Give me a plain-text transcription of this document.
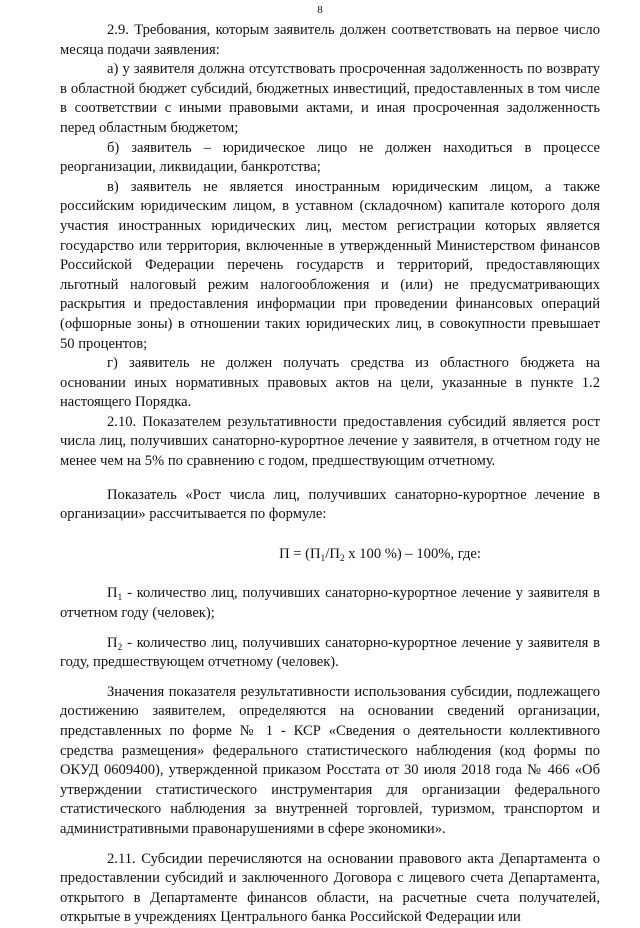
8

2.9. Требования, которым заявитель должен соответствовать на первое число месяца подачи заявления:

а) у заявителя должна отсутствовать просроченная задолженность по возврату в областной бюджет субсидий, бюджетных инвестиций, предоставленных в том числе в соответствии с иными правовыми актами, и иная просроченная задолженность перед областным бюджетом;

б) заявитель – юридическое лицо не должен находиться в процессе реорганизации, ликвидации, банкротства;

в) заявитель не является иностранным юридическим лицом, а также российским юридическим лицом, в уставном (складочном) капитале которого доля участия иностранных юридических лиц, местом регистрации которых является государство или территория, включенные в утвержденный Министерством финансов Российской Федерации перечень государств и территорий, предоставляющих льготный налоговый режим налогообложения и (или) не предусматривающих раскрытия и предоставления информации при проведении финансовых операций (офшорные зоны) в отношении таких юридических лиц, в совокупности превышает 50 процентов;

г) заявитель не должен получать средства из областного бюджета на основании иных нормативных правовых актов на цели, указанные в пункте 1.2 настоящего Порядка.

2.10. Показателем результативности предоставления субсидий является рост числа лиц, получивших санаторно-курортное лечение у заявителя, в отчетном году не менее чем на 5% по сравнению с годом, предшествующим отчетному.

Показатель «Рост числа лиц, получивших санаторно-курортное лечение в организации» рассчитывается по формуле:

$П = (П_1/П_2$ х 100 %) – 100%, где:

$П_1$ - количество лиц, получивших санаторно-курортное лечение у заявителя в отчетном году (человек);

$П_2$ - количество лиц, получивших санаторно-курортное лечение у заявителя в году, предшествующем отчетному (человек).

Значения показателя результативности использования субсидии, подлежащего достижению заявителем, определяются на основании сведений организации, представленных по форме № 1 - КСР «Сведения о деятельности коллективного средства размещения» федерального статистического наблюдения (код формы по ОКУД 0609400), утвержденной приказом Росстата от 30 июля 2018 года № 466 «Об утверждении статистического инструментария для организации федерального статистического наблюдения за внутренней торговлей, туризмом, транспортом и административными правонарушениями в сфере экономики».

2.11. Субсидии перечисляются на основании правового акта Департамента о предоставлении субсидий и заключенного Договора с лицевого счета Департамента, открытого в Департаменте финансов области, на расчетные счета получателей, открытые в учреждениях Центрального банка Российской Федерации или
